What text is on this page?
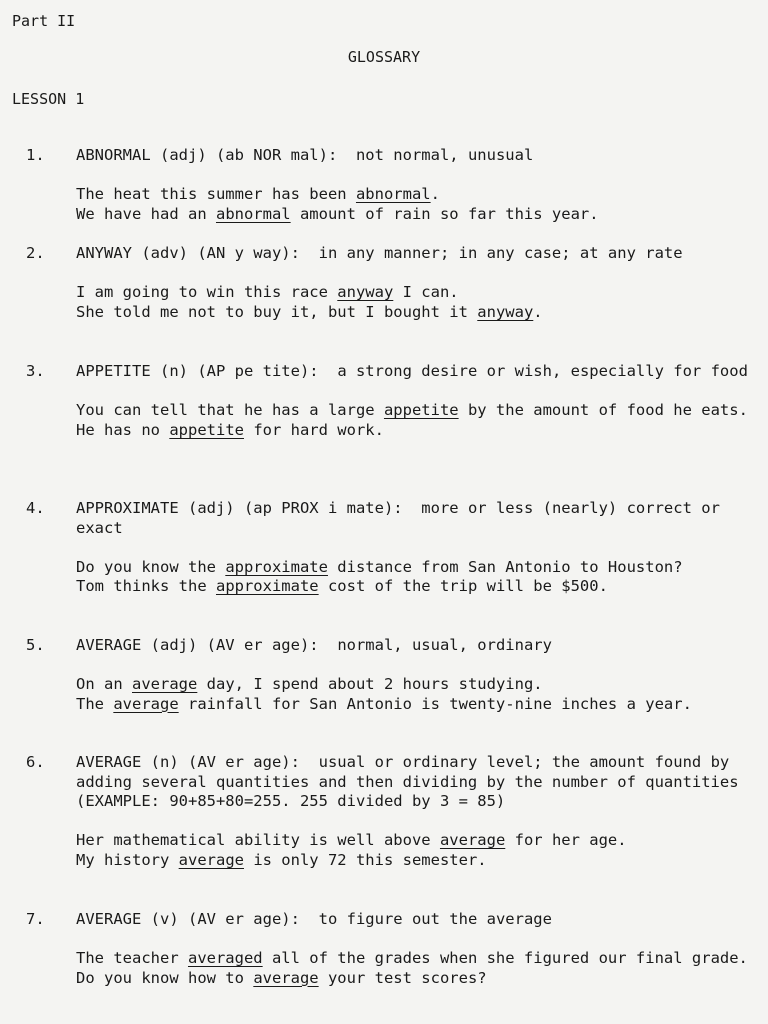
Part II
GLOSSARY
LESSON 1
1. ABNORMAL (adj) (ab NOR mal): not normal, unusual
The heat this summer has been abnormal.
We have had an abnormal amount of rain so far this year.
2. ANYWAY (adv) (AN y way): in any manner; in any case; at any rate
I am going to win this race anyway I can.
She told me not to buy it, but I bought it anyway.
3. APPETITE (n) (AP pe tite): a strong desire or wish, especially for food
You can tell that he has a large appetite by the amount of food he eats.
He has no appetite for hard work.
4. APPROXIMATE (adj) (ap PROX i mate): more or less (nearly) correct or exact
Do you know the approximate distance from San Antonio to Houston?
Tom thinks the approximate cost of the trip will be $500.
5. AVERAGE (adj) (AV er age): normal, usual, ordinary
On an average day, I spend about 2 hours studying.
The average rainfall for San Antonio is twenty-nine inches a year.
6. AVERAGE (n) (AV er age): usual or ordinary level; the amount found by adding several quantities and then dividing by the number of quantities (EXAMPLE: 90+85+80=255. 255 divided by 3 = 85)
Her mathematical ability is well above average for her age.
My history average is only 72 this semester.
7. AVERAGE (v) (AV er age): to figure out the average
The teacher averaged all of the grades when she figured our final grade.
Do you know how to average your test scores?
